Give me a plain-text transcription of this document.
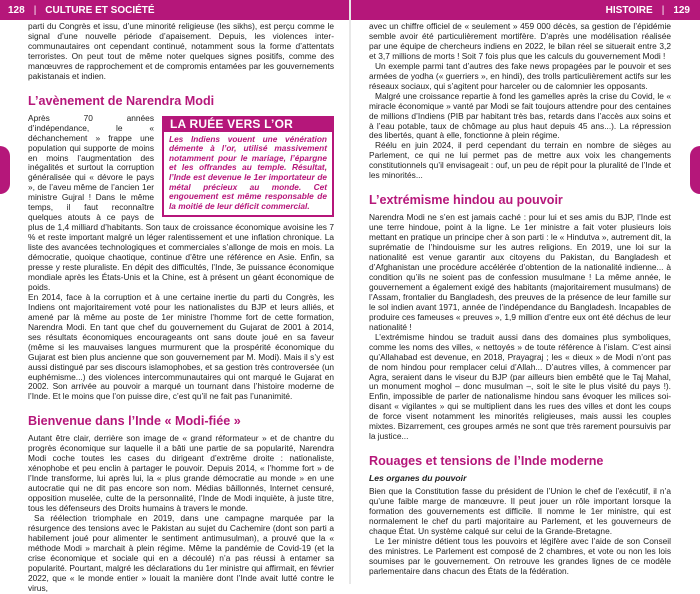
128 | CULTURE ET SOCIÉTÉ	HISTOIRE | 129

parti du Congrès et issu, d’une minorité religieuse (les sikhs), est perçu comme le signal d’une nouvelle période d’apaisement. Depuis, les violences inter-communautaires ont cependant continué, notamment sous la forme d’attentats terroristes. On peut tout de même noter quelques signes positifs, comme des manœuvres de rapprochement et de compromis entamées par les gouvernements pakistanais et indien.

L’avènement de Narendra Modi
LA RUÉE VERS L’OR
Les Indiens vouent une vénération démente à l’or, utilisé massivement notamment pour le mariage, l’épargne et les offrandes au temple. Résultat, l’Inde est devenue le 1er importateur de métal précieux au monde. Cet engouement est même responsable de la moitié de leur déficit commercial.

Après 70 années d’indépendance, le « déchanchement » frappe une population qui supporte de moins en moins l’augmentation des inégalités et surtout la corruption généralisée qui « dévore le pays », de l’aveu même de l’ancien 1er ministre Gujral ! Dans le même temps, il faut reconnaître quelques atouts à ce pays de plus de 1,4 milliard d’habitants. Son taux de croissance économique avoisine les 7 % et reste important malgré un léger ralentissement et une inflation chronique. La liste des avancées technologiques et commerciales s’allonge de mois en mois. La démocratie, quoique chaotique, continue d’être une référence en Asie. Enfin, sa presse y reste pluraliste. En dépit des difficultés, l’Inde, 3e puissance économique mondiale après les États-Unis et la Chine, est à présent un géant économique de poids.

En 2014, face à la corruption et à une certaine inertie du parti du Congrès, les Indiens ont majoritairement voté pour les nationalistes du BJP et leurs alliés, et amené par là même au poste de 1er ministre l’homme fort de cette formation, Narendra Modi. En tant que chef du gouvernement du Gujarat de 2001 à 2014, ses résultats économiques encourageants ont sans doute joué en sa faveur (même si les mauvaises langues murmurent que la prospérité économique du Gujarat est bien plus ancienne que son gouvernement par M. Modi). Mais il s’y est aussi distingué par ses discours islamophobes, et sa gestion très controversée (un euphémisme...) des violences intercommunautaires qui ont marqué le Gujarat en 2002. Son arrivée au pouvoir a marqué un tournant dans l’histoire moderne de l’Inde. Et le moins que l’on puisse dire, c’est qu’il ne fait pas l’unanimité.

Bienvenue dans l’Inde « Modi-fiée »

Autant être clair, derrière son image de « grand réformateur » et de chantre du progrès économique sur laquelle il a bâti une partie de sa popularité, Narendra Modi coche toutes les cases du dirigeant d’extrême droite : nationaliste, xénophobe et peu enclin à partager le pouvoir. Depuis 2014, « l’homme fort » de l’Inde transforme, lui après lui, la « plus grande démocratie au monde » en une autocratie qui ne dit pas encore son nom. Médias bâillonnés, Internet censuré, opposition muselée, culte de la personnalité, l’Inde de Modi inquiète, à juste titre, tous les défenseurs des Droits humains à travers le monde.

Sa réélection triomphale en 2019, dans une campagne marquée par la résurgence des tensions avec le Pakistan au sujet du Cachemire (dont son parti a habilement joué pour alimenter le sentiment antimusulman), a prouvé que la « méthode Modi » marchait à plein régime. Même la pandémie de Covid-19 (et la crise économique et sociale qui en a découlé) n’a pas réussi à entamer sa popularité. Pourtant, malgré les déclarations du 1er ministre qui affirmait, en février 2022, que « le monde entier » louait la manière dont l’Inde avait lutté contre le virus,

avec un chiffre officiel de « seulement » 459 000 décès, sa gestion de l’épidémie semble avoir été particulièrement mortifère. D’après une modélisation réalisée par une équipe de chercheurs indiens en 2022, le bilan réel se situerait entre 3,2 et 3,7 millions de morts ! Soit 7 fois plus que les calculs du gouvernement Modi !

Un exemple parmi tant d’autres des fake news propagées par le pouvoir et ses armées de yodha (« guerriers », en hindi), des trolls particulièrement actifs sur les réseaux sociaux, qui s’agitent pour harceler ou de calomnier les opposants.

Malgré une croissance repartie à fond les gamelles après la crise du Covid, le « miracle économique » vanté par Modi se fait toujours attendre pour des centaines de millions d’Indiens (PIB par habitant très bas, retards dans l’accès aux soins et à l’eau potable, taux de chômage au plus haut depuis 45 ans...). La répression des libertés, quant à elle, fonctionne à plein régime.

Réélu en juin 2024, il perd cependant du terrain en nombre de sièges au Parlement, ce qui ne lui permet pas de mettre aux voix les changements constitutionnels qu’il envisageait : ouf, un peu de répit pour la pluralité de l’Inde et les minorités...

L’extrémisme hindou au pouvoir

Narendra Modi ne s’en est jamais caché : pour lui et ses amis du BJP, l’Inde est une terre hindoue, point à la ligne. Le 1er ministre a fait voter plusieurs lois mettant en pratique un principe cher à son parti : le « Hindutva », autrement dit, la suprématie de l’hindouisme sur les autres religions. En 2019, une loi sur la nationalité est venue garantir aux citoyens du Pakistan, du Bangladesh et d’Afghanistan une procédure accélérée d’obtention de la nationalité indienne... à condition qu’ils ne soient pas de confession musulmane ! La même année, le gouvernement a également exigé des habitants (majoritairement musulmans) de l’Assam, frontalier du Bangladesh, des preuves de la présence de leur famille sur le sol indien avant 1971, année de l’indépendance du Bangladesh. Incapables de produire ces fameuses « preuves », 1,9 million d’entre eux ont été déchus de leur nationalité !

L’extrémisme hindou se traduit aussi dans des domaines plus symboliques, comme les noms des villes, « nettoyés » de toute référence à l’islam. C’est ainsi qu’Allahabad est devenue, en 2018, Prayagraj ; les « dieux » de Modi n’ont pas de nom hindou pour remplacer celui d’Allah... D’autres villes, à commencer par Agra, seraient dans le viseur du BJP (par ailleurs bien embêté que le Taj Mahal, un monument moghol – donc musulman –, soit le site le plus visité du pays !). Enfin, impossible de parler de nationalisme hindou sans évoquer les milices soi-disant « vigilantes » qui se multiplient dans les rues des villes et dont les coups de force visent notamment les minorités religieuses, mais aussi les couples mixtes. Bizarrement, ces groupes armés ne sont que très rarement poursuivis par la justice...

Rouages et tensions de l’Inde moderne
Les organes du pouvoir

Bien que la Constitution fasse du président de l’Union le chef de l’exécutif, il n’a qu’une faible marge de manœuvre. Il peut jouer un rôle important lorsque la formation des gouvernements est difficile. Il nomme le 1er ministre, qui est normalement le chef du parti majoritaire au Parlement, et les gouverneurs de chaque État. Un système calqué sur celui de la Grande-Bretagne.

Le 1er ministre détient tous les pouvoirs et légifère avec l’aide de son Conseil des ministres. Le Parlement est composé de 2 chambres, et vote ou non les lois soumises par le gouvernement. On retrouve les grandes lignes de ce modèle parlementaire dans chacun des États de la fédération.
